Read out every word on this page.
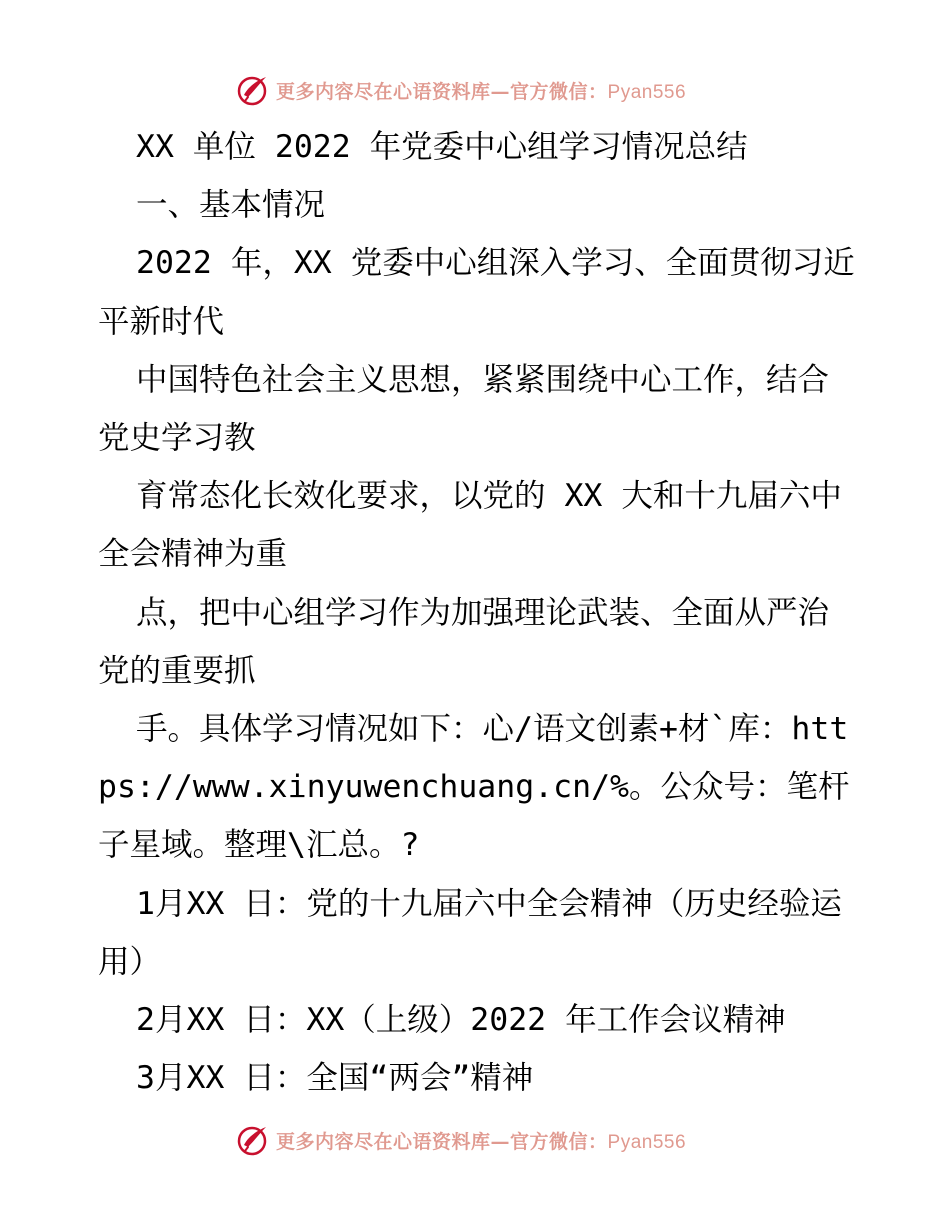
更多内容尽在心语资料库—官方微信：Pyan556

XX 单位 2022 年党委中心组学习情况总结

一、基本情况

2022 年，XX 党委中心组深入学习、全面贯彻习近平新时代

中国特色社会主义思想，紧紧围绕中心工作，结合党史学习教

育常态化长效化要求，以党的 XX 大和十九届六中全会精神为重

点，把中心组学习作为加强理论武装、全面从严治党的重要抓

手。具体学习情况如下：心/语文创素+材`库：https://www.xinyuwenchuang.cn/%。公众号：笔杆子星域。整理\汇总。?

1月XX 日：党的十九届六中全会精神（历史经验运用）

2月XX 日：XX（上级）2022 年工作会议精神

3月XX 日：全国“两会”精神

更多内容尽在心语资料库—官方微信：Pyan556
